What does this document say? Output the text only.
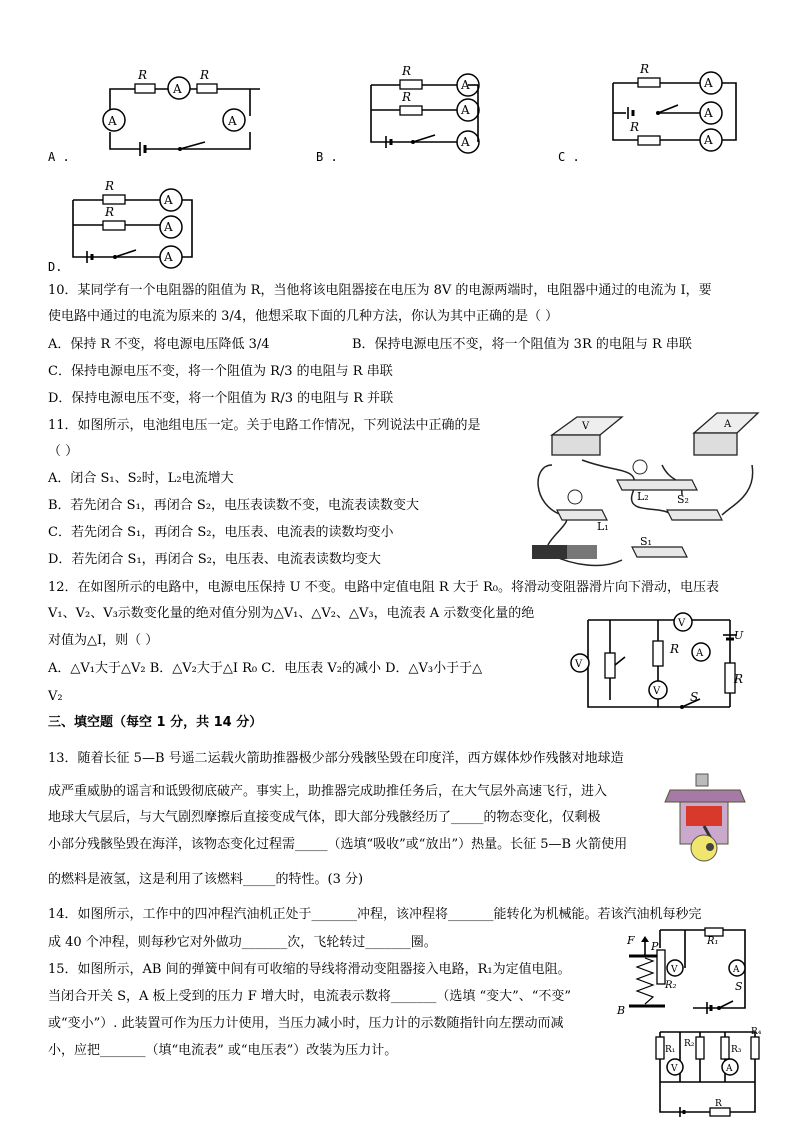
A
A	A
R	R
A
A
A
R
R
A
A
A
R
R
A
A
A
R
R
A .	B .	C .
D.
10．某同学有一个电阻器的阻值为 R，当他将该电阻器接在电压为 8V 的电源两端时，电阻器中通过的电流为 I，要
使电路中通过的电流为原来的 3/4，他想采取下面的几种方法，你认为其中正确的是（ ）
A．保持 R 不变，将电源电压降低 3/4	B．保持电源电压不变，将一个阻值为 3R 的电阻与 R 串联
C．保持电源电压不变，将一个阻值为 R/3 的电阻与 R 串联
D．保持电源电压不变，将一个阻值为 R/3 的电阻与 R 并联
11．如图所示，电池组电压一定。关于电路工作情况，下列说法中正确的是
（ ）
A．闭合 S₁、S₂时，L₂电流增大
B．若先闭合 S₁，再闭合 S₂，电压表读数不变，电流表读数变大
C．若先闭合 S₁，再闭合 S₂，电压表、电流表的读数均变小
D．若先闭合 S₁，再闭合 S₂，电压表、电流表读数均变大
V	A
L₂
L₁
S₂
S₁
12．在如图所示的电路中，电源电压保持 U 不变。电路中定值电阻 R 大于 R₀。将滑动变阻器滑片向下滑动，电压表
V₁、V₂、V₃示数变化量的绝对值分别为△V₁、△V₂、△V₃，电流表 A 示数变化量的绝
对值为△I，则（ ）
A．△V₁大于△V₂ B．△V₂大于△I R₀ C．电压表 V₂的减小 D．△V₃小于于△
V₂
V
A
V
V
R
R
U
S
三、填空题（每空 1 分，共 14 分）
13．随着长征 5—B 号遥二运载火箭助推器极少部分残骸坠毁在印度洋，西方媒体炒作残骸对地球造
成严重威胁的谣言和诋毁彻底破产。事实上，助推器完成助推任务后，在大气层外高速飞行，进入
地球大气层后，与大气剧烈摩擦后直接变成气体，即大部分残骸经历了_____的物态变化，仅剩极
小部分残骸坠毁在海洋，该物态变化过程需_____（选填“吸收”或“放出”）热量。长征 5—B 火箭使用
的燃料是液氢，这是利用了该燃料_____的特性。(3 分)
14．如图所示，工作中的四冲程汽油机正处于_______冲程，该冲程将_______能转化为机械能。若该汽油机每秒完
成 40 个冲程，则每秒它对外做功_______次，飞轮转过_______圈。
15．如图所示，AB 间的弹簧中间有可收缩的导线将滑动变阻器接入电路，R₁为定值电阻。
当闭合开关 S，A 板上受到的压力 F 增大时，电流表示数将_______（选填 “变大”、“不变”
或“变小”）. 此装置可作为压力计使用，当压力减小时，压力计的示数随指针向左摆动而减
小，应把_______（填“电流表” 或“电压表”）改装为压力计。
V	A
F P
B
R₁
R₂	S
V	A
R₁
R₂
R₃
R₄
R
